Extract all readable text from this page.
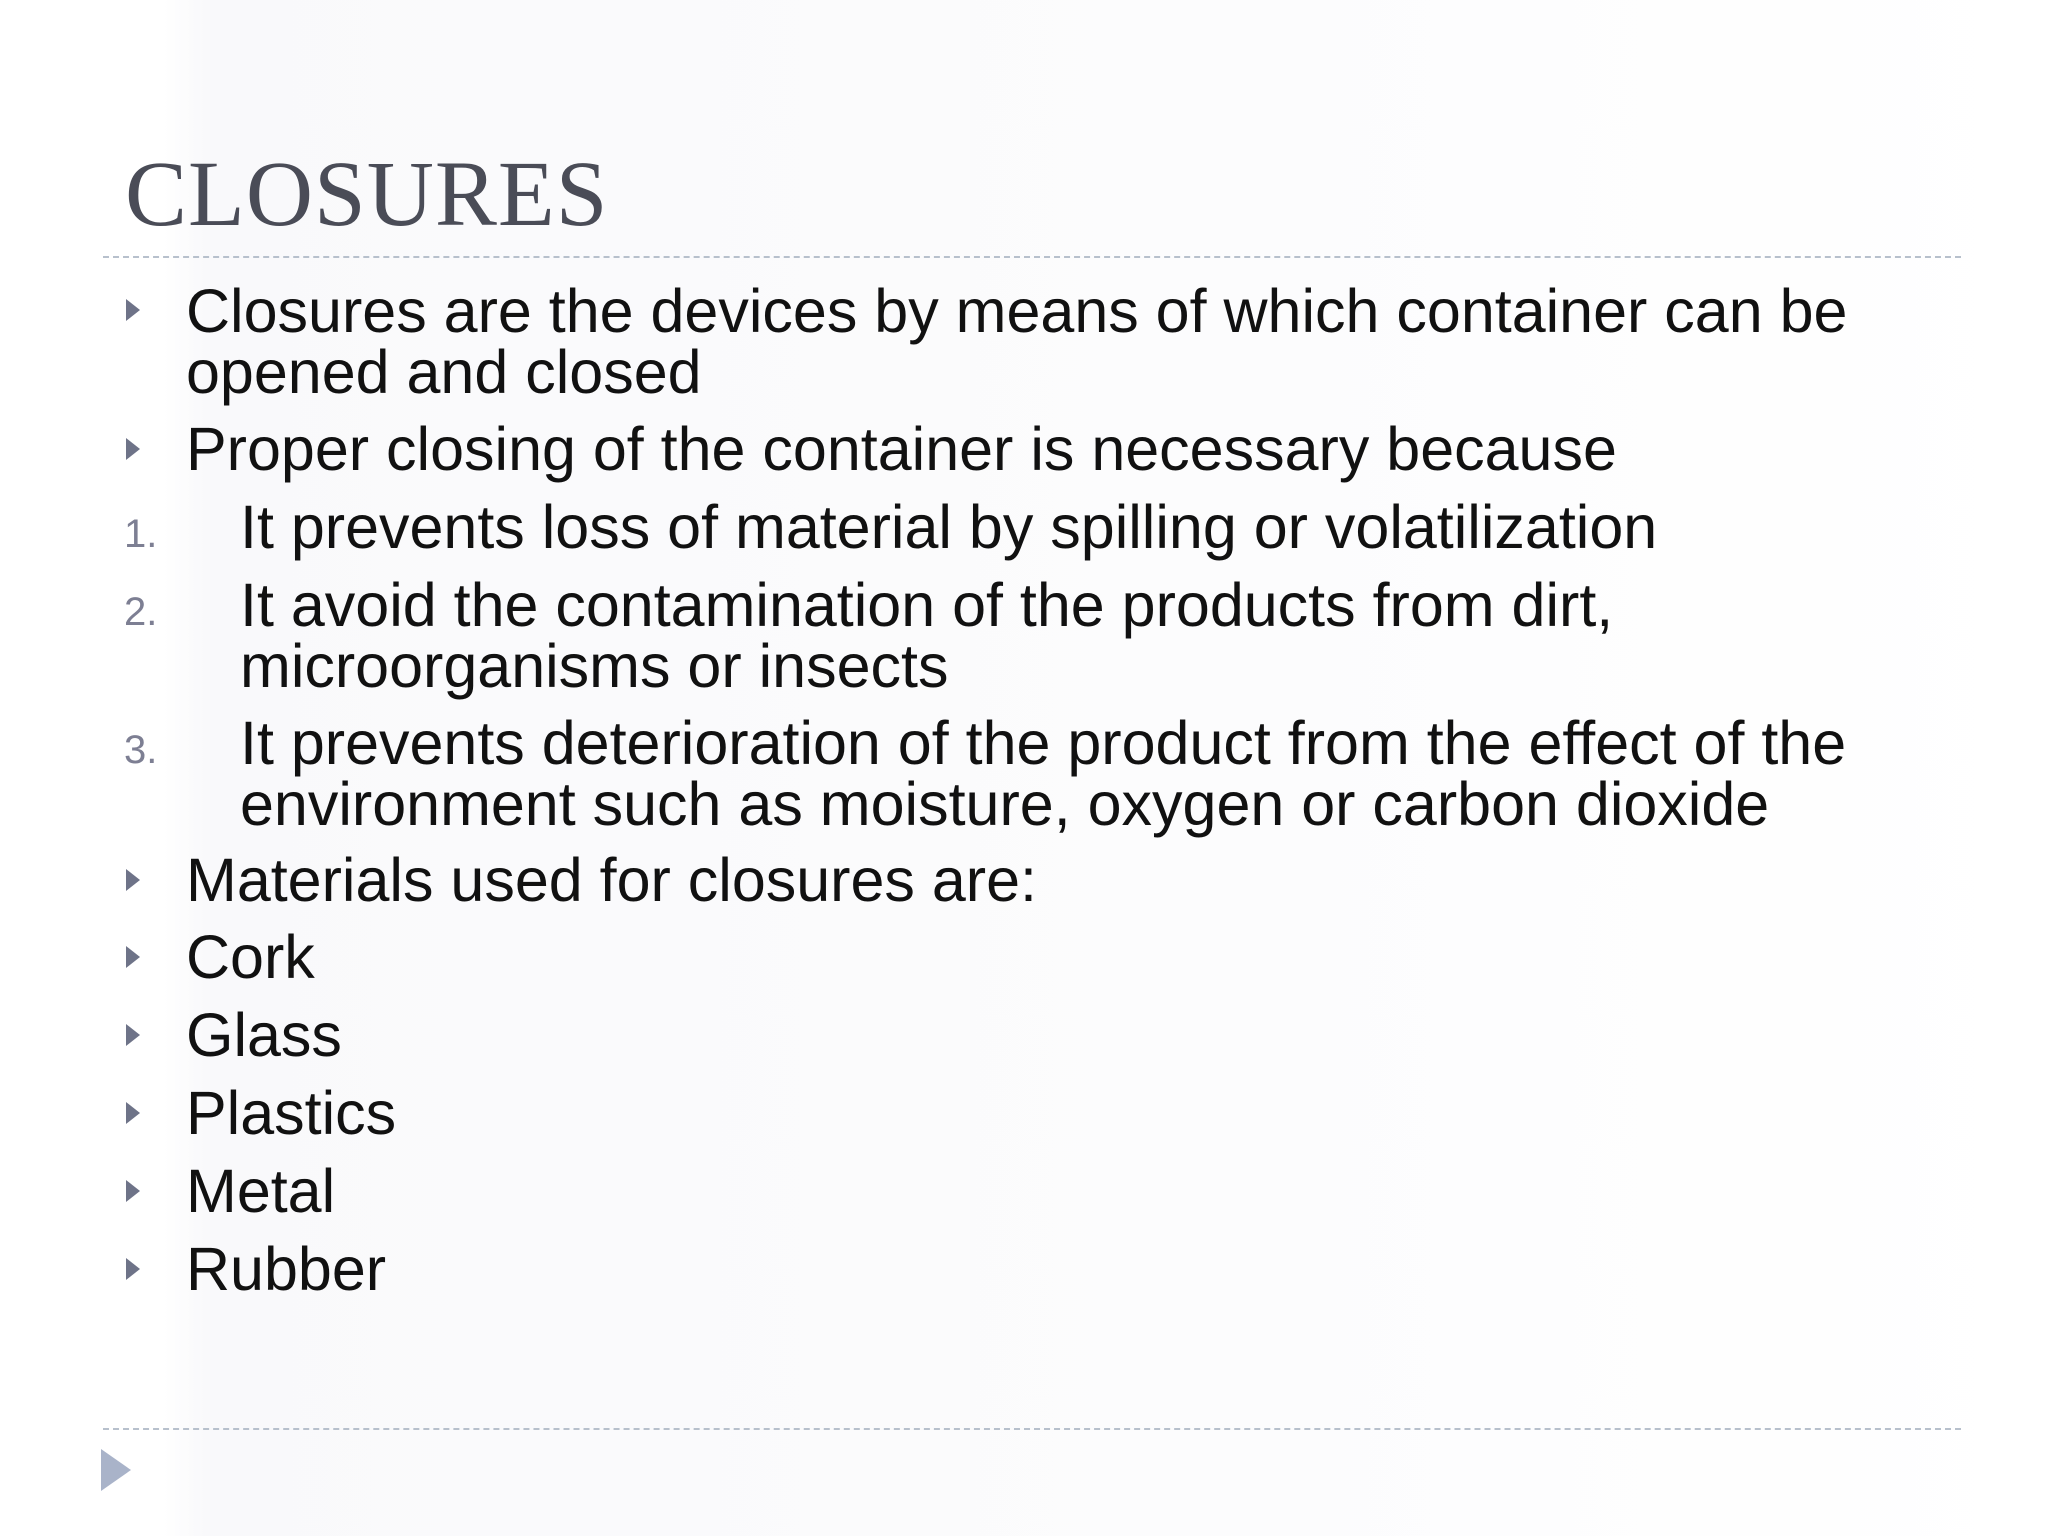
CLOSURES
Closures are the devices by means of which container can be
opened and closed
Proper closing of the container is necessary because
1. It prevents loss of material by spilling or volatilization
2. It avoid the contamination of the products from dirt,
microorganisms or insects
3. It prevents deterioration of the product from the effect of the
environment such as moisture, oxygen or carbon dioxide
Materials used for closures are:
Cork
Glass
Plastics
Metal
Rubber
